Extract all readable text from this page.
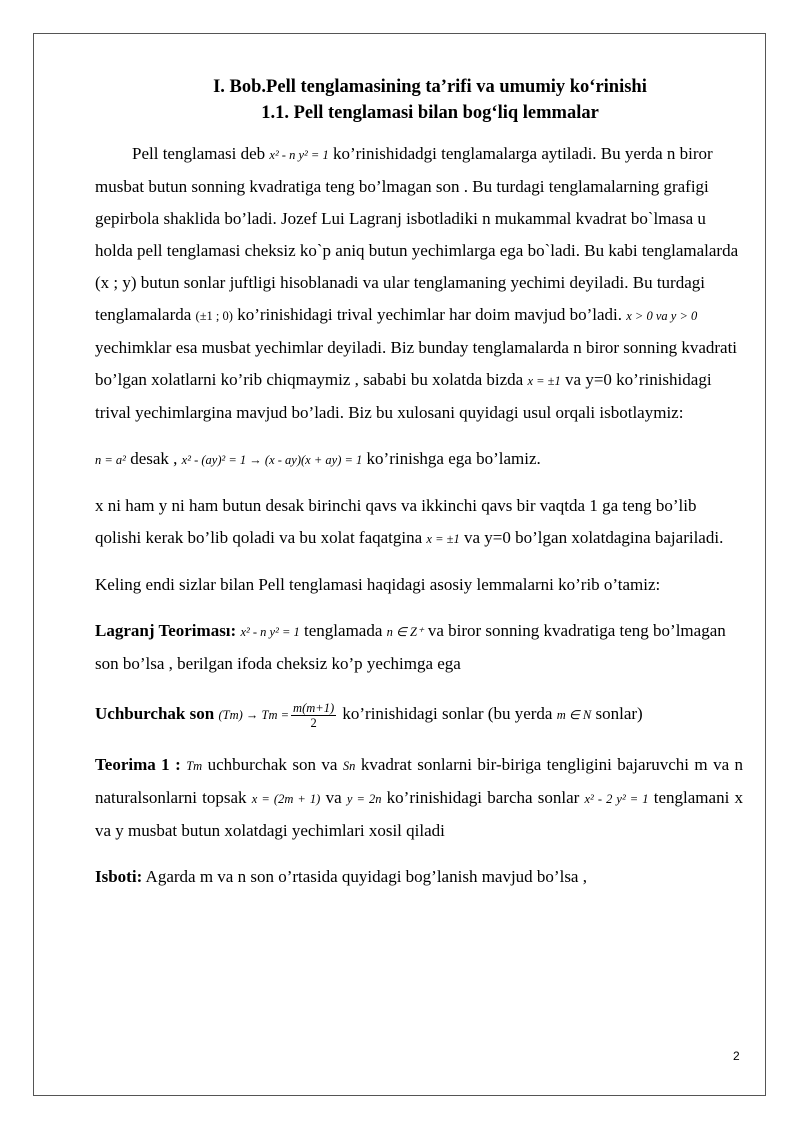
I. Bob.Pell tenglamasining ta’rifi va umumiy ko‘rinishi
1.1. Pell tenglamasi bilan bog‘liq lemmalar

Pell tenglamasi deb x² - n y² = 1 ko’rinishidadgi tenglamalarga aytiladi. Bu yerda n biror musbat butun sonning kvadratiga teng bo’lmagan son . Bu turdagi tenglamalarning grafigi gepirbola shaklida bo’ladi. Jozef Lui Lagranj isbotladiki n mukammal kvadrat bo`lmasa u holda pell tenglamasi cheksiz ko`p aniq butun yechimlarga ega bo`ladi. Bu kabi tenglamalarda (x ; y) butun sonlar juftligi hisoblanadi va ular tenglamaning yechimi deyiladi. Bu turdagi tenglamalarda (±1 ; 0) ko’rinishidagi trival yechimlar har doim mavjud bo’ladi. x > 0 va y > 0 yechimklar esa musbat yechimlar deyiladi. Biz bunday tenglamalarda n biror sonning kvadrati bo’lgan xolatlarni ko’rib chiqmaymiz , sababi bu xolatda bizda x = ±1 va y=0 ko’rinishidagi trival yechimlargina mavjud bo’ladi. Biz bu xulosani quyidagi usul orqali isbotlaymiz:

n = a² desak , x² - (ay)² = 1 → (x - ay)(x + ay) = 1 ko’rinishga ega bo’lamiz.

x ni ham y ni ham butun desak birinchi qavs va ikkinchi qavs bir vaqtda 1 ga teng bo’lib qolishi kerak bo’lib qoladi va bu xolat faqatgina x = ±1 va y=0 bo’lgan xolatdagina bajariladi.

Keling endi sizlar bilan Pell tenglamasi haqidagi asosiy lemmalarni ko’rib o’tamiz:

Lagranj Teoriması: x² - n y² = 1 tenglamada n ∈ Z⁺ va biror sonning kvadratiga teng bo’lmagan son bo’lsa , berilgan ifoda cheksiz ko’p yechimga ega

Uchburchak son $(Tm) \to Tm = \frac{m(m+1)}{2}$ ko’rinishidagi sonlar (bu yerda m ∈ N sonlar)

Teorima 1 : Tm uchburchak son va Sn kvadrat sonlarni bir-biriga tengligini bajaruvchi m va n naturalsonlarni topsak x = (2m + 1) va y = 2n ko’rinishidagi barcha sonlar x² - 2 y² = 1 tenglamani x va y musbat butun xolatdagi yechimlari xosil qiladi

Isboti: Agarda m va n son o’rtasida quyidagi bog’lanish mavjud bo’lsa ,

2
